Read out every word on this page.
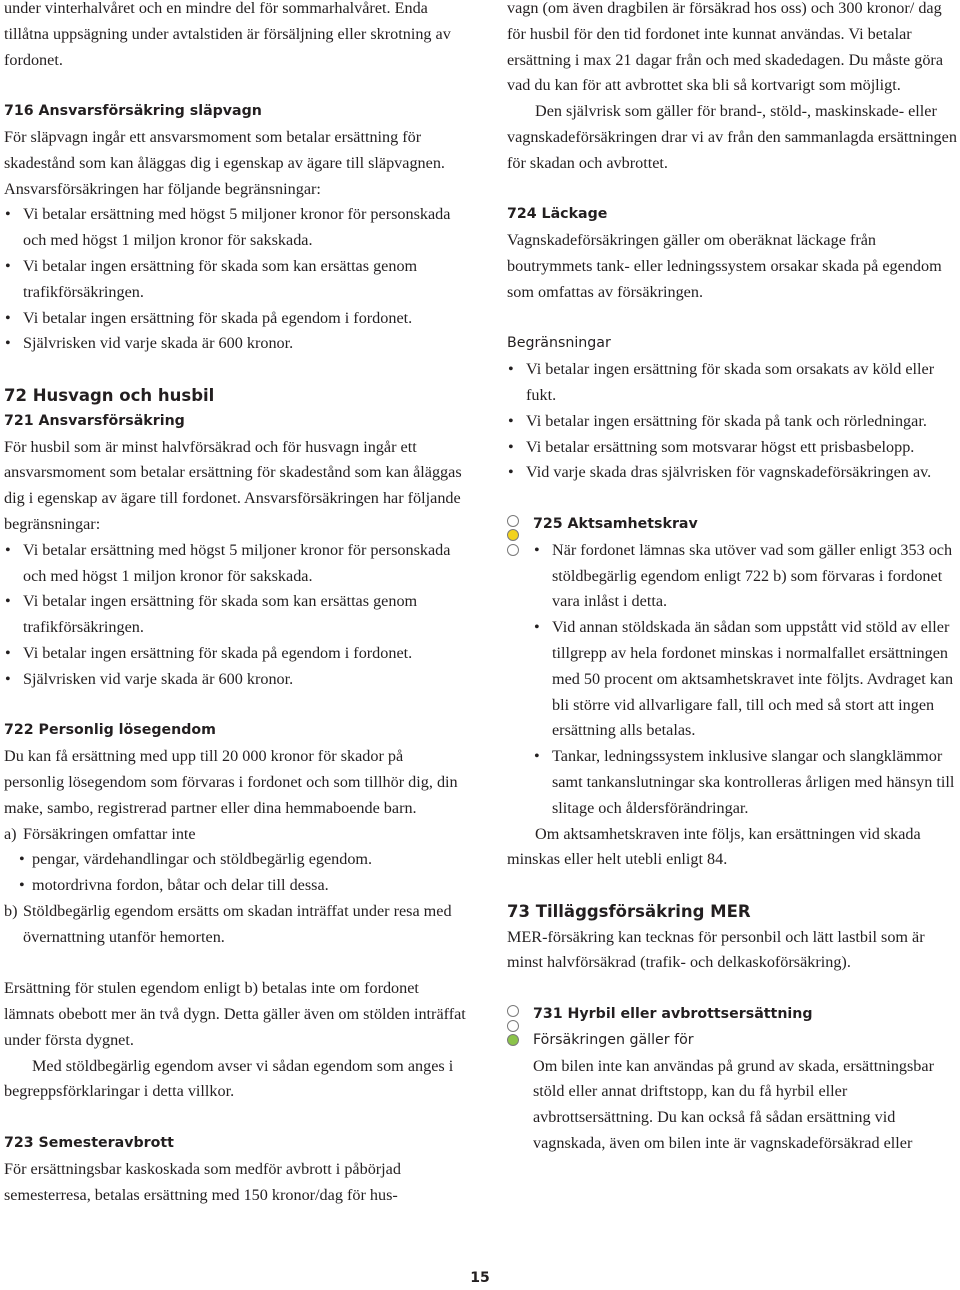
under vinterhalvåret och en mindre del för sommarhalvåret. Enda tillåtna uppsägning under avtalstiden är försäljning eller skrotning av fordonet.

716 Ansvarsförsäkring släpvagn

För släpvagn ingår ett ansvarsmoment som betalar ersättning för skadestånd som kan åläggas dig i egenskap av ägare till släpvagnen. Ansvarsförsäkringen har följande begränsningar:

• Vi betalar ersättning med högst 5 miljoner kronor för personskada och med högst 1 miljon kronor för sakskada.
• Vi betalar ingen ersättning för skada som kan ersättas genom trafikförsäkringen.
• Vi betalar ingen ersättning för skada på egendom i fordonet.
• Självrisken vid varje skada är 600 kronor.

72 Husvagn och husbil

721 Ansvarsförsäkring

För husbil som är minst halvförsäkrad och för husvagn ingår ett ansvarsmoment som betalar ersättning för skadestånd som kan åläggas dig i egenskap av ägare till fordonet. Ansvarsförsäkringen har följande begränsningar:

• Vi betalar ersättning med högst 5 miljoner kronor för personskada och med högst 1 miljon kronor för sakskada.
• Vi betalar ingen ersättning för skada som kan ersättas genom trafikförsäkringen.
• Vi betalar ingen ersättning för skada på egendom i fordonet.
• Självrisken vid varje skada är 600 kronor.

722 Personlig lösegendom

Du kan få ersättning med upp till 20 000 kronor för skador på personlig lösegendom som förvaras i fordonet och som tillhör dig, din make, sambo, registrerad partner eller dina hemmaboende barn.

a) Försäkringen omfattar inte

• pengar, värdehandlingar och stöldbegärlig egendom.
• motordrivna fordon, båtar och delar till dessa.

b) Stöldbegärlig egendom ersätts om skadan inträffat under resa med övernattning utanför hemorten.

Ersättning för stulen egendom enligt b) betalas inte om fordonet lämnats obebott mer än två dygn. Detta gäller även om stölden inträffat under första dygnet.

Med stöldbegärlig egendom avser vi sådan egendom som anges i begreppsförklaringar i detta villkor.

723 Semesteravbrott

För ersättningsbar kaskoskada som medför avbrott i påbörjad semesterresa, betalas ersättning med 150 kronor/dag för hus-

vagn (om även dragbilen är försäkrad hos oss) och 300 kronor/ dag för husbil för den tid fordonet inte kunnat användas. Vi betalar ersättning i max 21 dagar från och med skadedagen. Du måste göra vad du kan för att avbrottet ska bli så kortvarigt som möjligt.

Den självrisk som gäller för brand-, stöld-, maskinskade- eller vagnskadeförsäkringen drar vi av från den sammanlagda ersättningen för skadan och avbrottet.

724 Läckage

Vagnskadeförsäkringen gäller om oberäknat läckage från boutrymmets tank- eller ledningssystem orsakar skada på egendom som omfattas av försäkringen.

Begränsningar

• Vi betalar ingen ersättning för skada som orsakats av köld eller fukt.
• Vi betalar ingen ersättning för skada på tank och rörledningar.
• Vi betalar ersättning som motsvarar högst ett prisbasbelopp.
• Vid varje skada dras självrisken för vagnskadeförsäkringen av.

725 Aktsamhetskrav

• När fordonet lämnas ska utöver vad som gäller enligt 353 och stöldbegärlig egendom enligt 722 b) som förvaras i fordonet vara inlåst i detta.
• Vid annan stöldskada än sådan som uppstått vid stöld av eller tillgrepp av hela fordonet minskas i normalfallet ersättningen med 50 procent om aktsamhetskravet inte följts. Avdraget kan bli större vid allvarligare fall, till och med så stort att ingen ersättning alls betalas.
• Tankar, ledningssystem inklusive slangar och slangklämmor samt tankanslutningar ska kontrolleras årligen med hänsyn till slitage och åldersförändringar.

Om aktsamhetskraven inte följs, kan ersättningen vid skada minskas eller helt utebli enligt 84.

73 Tilläggsförsäkring MER

MER-försäkring kan tecknas för personbil och lätt lastbil som är minst halvförsäkrad (trafik- och delkaskoförsäkring).

731 Hyrbil eller avbrottsersättning

Försäkringen gäller för

Om bilen inte kan användas på grund av skada, ersättningsbar stöld eller annat driftstopp, kan du få hyrbil eller avbrottsersättning. Du kan också få sådan ersättning vid vagnskada, även om bilen inte är vagnskadeförsäkrad eller

15
